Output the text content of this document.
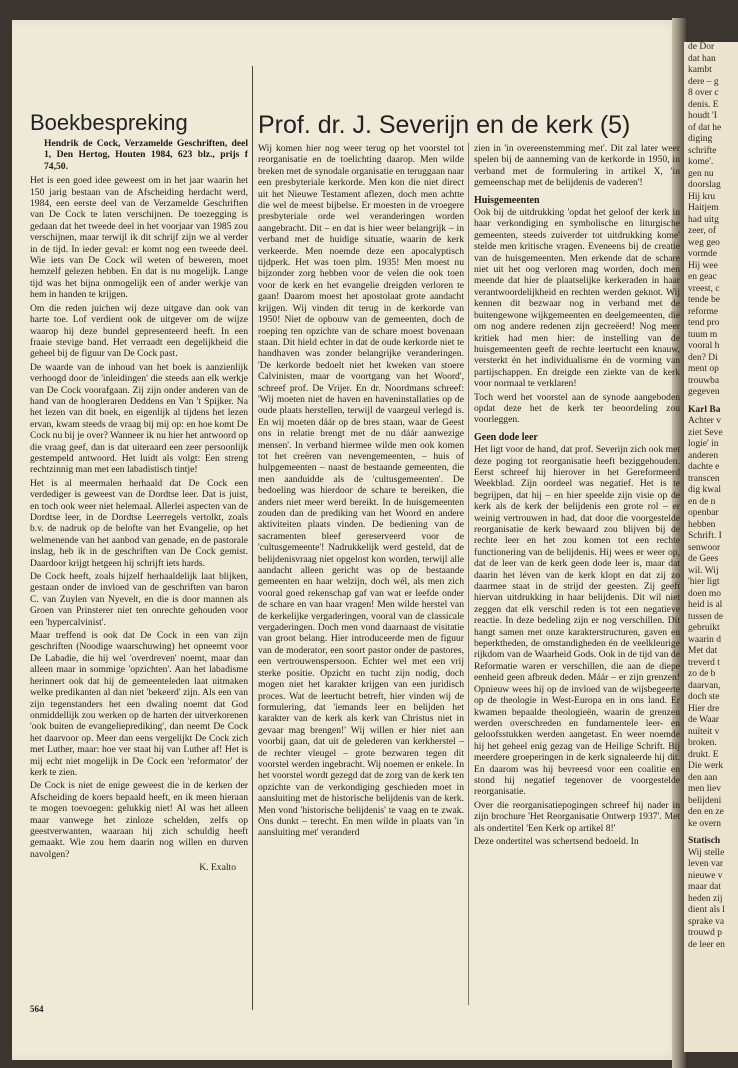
de Dor
dat han
kambt
dere – g
8 over c
denis. E
houdt 'I
of dat he
diging
schrifte
kome'.
gen nu
doorslag
Hij kru
Haitjem
had uitg
zeer, of
weg geo
vormde
Hij wee
en geac
vreest, c
tende be
reforme
tend pro
tuum m
vooral h
den? Di
ment op
trouwba
gegeven
Karl Ba
Achter v
ziet Seve
logie' in
anderen
dachte e
transcen
dig kwal
en de n
openbar
hebben
Schrift. I
senwoor
de Gees
wil. Wij
'hier ligt
doen mo
heid is al
tussen de
gebruikt
waarin d
Met dat
treverd t
zo de b
daarvan,
doch ste
Hier dre
de Waar
nuïteit v
broken.
drukt. E
Die werk
den aan
men liev
belijdeni
den en ze
ke overn
Statisch
Wij stelle
leven var
nieuwe v
maar dat
heden zij
dient als l
sprake va
trouwd p
de leer en
Boekbespreking
Hendrik de Cock, Verzamelde Geschriften, deel 1, Den Hertog, Houten 1984, 623 blz., prijs f 74,50.

Het is een goed idee geweest om in het jaar waarin het 150 jarig bestaan van de Afscheiding herdacht werd, 1984, een eerste deel van de Verzamelde Geschriften van De Cock te laten verschijnen. De toezegging is gedaan dat het tweede deel in het voorjaar van 1985 zou verschijnen, maar terwijl ik dit schrijf zijn we al verder in de tijd. In ieder geval: er komt nog een tweede deel. Wie iets van De Cock wil weten of beweren, moet hemzelf gelezen hebben. En dat is nu mogelijk. Lange tijd was het bijna onmogelijk een of ander werkje van hem in handen te krijgen.

Om die reden juichen wij deze uitgave dan ook van harte toe. Lof verdient ook de uitgever om de wijze waarop hij deze bundel gepresenteerd heeft. In een fraaie stevige band. Het verraadt een degelijkheid die geheel bij de figuur van De Cock past.

De waarde van de inhoud van het boek is aanzienlijk verhoogd door de 'inleidingen' die steeds aan elk werkje van De Cock voorafgaan. Zij zijn onder anderen van de hand van de hoogleraren Deddens en Van 't Spijker. Na het lezen van dit boek, en eigenlijk al tijdens het lezen ervan, kwam steeds de vraag bij mij op: en hoe komt De Cock nu bij je over? Wanneer ik nu hier het antwoord op die vraag geef, dan is dat uiteraard een zeer persoonlijk gestempeld antwoord. Het luidt als volgt: Een streng rechtzinnig man met een labadistisch tintje!

Het is al meermalen herhaald dat De Cock een verdediger is geweest van de Dordtse leer. Dat is juist, en toch ook weer niet helemaal. Allerlei aspecten van de Dordtse leer, in de Dordtse Leerregels vertolkt, zoals b.v. de nadruk op de belofte van het Evangelie, op het welmenende van het aanbod van genade, en de pastorale inslag, heb ik in de geschriften van De Cock gemist. Daardoor krijgt hetgeen hij schrijft iets hards.

De Cock heeft, zoals hijzelf herhaaldelijk laat blijken, gestaan onder de invloed van de geschriften van baron C. van Zuylen van Nyevelt, en die is door mannen als Groen van Prinsterer niet ten onrechte gehouden voor een 'hypercalvinist'.

Maar treffend is ook dat De Cock in een van zijn geschriften (Noodige waarschuwing) het opneemt voor De Labadie, die hij wel 'overdreven' noemt, maar dan alleen maar in sommige 'opzichten'. Aan het labadisme herinnert ook dat hij de gemeenteleden laat uitmaken welke predikanten al dan niet 'bekeerd' zijn. Als een van zijn tegenstanders het een dwaling noemt dat God onmiddellijk zou werken op de harten der uitverkorenen 'ook buiten de evangelieprediking', dan neemt De Cock het daarvoor op. Meer dan eens vergelijkt De Cock zich met Luther, maar: hoe ver staat hij van Luther af! Het is mij echt niet mogelijk in De Cock een 'reformator' der kerk te zien.

De Cock is niet de enige geweest die in de kerken der Afscheiding de koers bepaald heeft, en ik meen hieraan te mogen toevoegen: gelukkig niet! Al was het alleen maar vanwege het zinloze schelden, zelfs op geestverwanten, waaraan hij zich schuldig heeft gemaakt. Wie zou hem daarin nog willen en durven navolgen?

K. Exalto
Prof. dr. J. Severijn en de kerk (5)

Wij komen hier nog weer terug op het voorstel tot reorganisatie en de toelichting daarop. Men wilde breken met de synodale organisatie en teruggaan naar een presbyteriale kerkorde. Men kon die niet direct uit het Nieuwe Testament aflezen, doch men achtte die wel de meest bijbelse. Er moesten in de vroegere presbyteriale orde wel veranderingen worden aangebracht. Dit – en dat is hier weer belangrijk – in verband met de huidige situatie, waarin de kerk verkeerde. Men noemde deze een apocalyptisch tijdperk. Het was toen plm. 1935! Men moest nu bijzonder zorg hebben voor de velen die ook toen voor de kerk en het evangelie dreigden verloren te gaan! Daarom moest het apostolaat grote aandacht krijgen. Wij vinden dit terug in de kerkorde van 1950! Niet de opbouw van de gemeenten, doch de roeping ten opzichte van de schare moest bovenaan staan. Dit hield echter in dat de oude kerkorde niet te handhaven was zonder belangrijke veranderingen. 'De kerkorde bedoelt niet het kweken van stoere Calvinisten, maar de voortgang van het Woord', schreef prof. De Vrijer. En dr. Noordmans schreef: 'Wij moeten niet de haven en haveninstallaties op de oude plaats herstellen, terwijl de vaargeul verlegd is. En wij moeten dáár op de bres staan, waar de Geest ons in relatie brengt met de nu dáár aanwezige mensen'. In verband hiermee wilde men ook komen tot het creëren van nevengemeenten, – huis of hulpgemeenten – naast de bestaande gemeenten, die men aanduidde als de 'cultusgemeenten'. De bedoeling was hierdoor de schare te bereiken, die anders niet meer werd bereikt. In de huisgemeenten zouden dan de prediking van het Woord en andere aktiviteiten plaats vinden. De bediening van de sacramenten bleef gereserveerd voor de 'cultusgemeente'! Nadrukkelijk werd gesteld, dat de belijdenisvraag niet opgelost kon worden, terwijl alle aandacht alleen gericht was op de bestaande gemeenten en haar welzijn, doch wél, als men zich vooral goed rekenschap gaf van wat er leefde onder de schare en van haar vragen! Men wilde herstel van de kerkelijke vergaderingen, vooral van de classicale vergaderingen. Doch men vond daarnaast de visitatie van groot belang. Hier introduceerde men de figuur van de moderator, een soort pastor onder de pastores, een vertrouwenspersoon. Echter wel met een vrij sterke positie. Opzicht en tucht zijn nodig, doch mogen niet het karakter krijgen van een juridisch proces. Wat de leertucht betreft, hier vinden wij de formulering, dat 'iemands leer en belijden het karakter van de kerk als kerk van Christus niet in gevaar mag brengen!' Wij willen er hier niet aan voorbij gaan, dat uit de gelederen van kerkherstel – de rechter vleugel – grote bezwaren tegen dit voorstel werden ingebracht. Wij noemen er enkele. In het voorstel wordt gezegd dat de zorg van de kerk ten opzichte van de verkondiging geschieden moet in aansluiting met de historische belijdenis van de kerk. Men vond 'historische belijdenis' te vaag en te zwak. Ons dunkt – terecht. En men wilde in plaats van 'in aansluiting met' veranderd

zien in 'in overeenstemming met'. Dit zal later weer spelen bij de aanneming van de kerkorde in 1950, in verband met de formulering in artikel X, 'in gemeenschap met de belijdenis de vaderen'!

Huisgemeenten

Ook bij de uitdrukking 'opdat het geloof der kerk in haar verkondiging en symbolische en liturgische gemeenten, steeds zuiverder tot uitdrukking kome' stelde men kritische vragen. Eveneens bij de creatie van de huisgemeenten. Men erkende dat de schare niet uit het oog verloren mag worden, doch men meende dat hier de plaatselijke kerkeraden in haar verantwoordelijkheid en rechten werden geknot. Wij kennen dit bezwaar nog in verband met de buitengewone wijkgemeenten en deelgemeenten, die om nog andere redenen zijn gecreëerd! Nog meer kritiek had men hier: de instelling van de huisgemeenten geeft de rechte leertucht een knauw, versterkt én het individualisme én de vorming van partijschappen. En dreigde een ziekte van de kerk voor normaal te verklaren!

Toch werd het voorstel aan de synode aangeboden opdat deze het de kerk ter beoordeling zou voorleggen.

Geen dode leer

Het ligt voor de hand, dat prof. Severijn zich ook met deze poging tot reorganisatie heeft beziggehouden. Eerst schreef hij hierover in het Gereformeerd Weekblad. Zijn oordeel was negatief. Het is te begrijpen, dat hij – en hier speelde zijn visie op de kerk als de kerk der belijdenis een grote rol – er weinig vertrouwen in had, dat door die voorgestelde reorganisatie de kerk bewaard zou blijven bij de rechte leer en het zou komen tot een rechte functionering van de belijdenis. Hij wees er weer op, dat de leer van de kerk geen dode leer is, maar dat daarin het léven van de kerk klopt en dat zij zo daarmee staat in de strijd der geesten. Zij geeft hiervan uitdrukking in haar belijdenis. Dit wil niet zeggen dat elk verschil reden is tot een negatieve reactie. In deze bedeling zijn er nog verschillen. Dit hangt samen met onze karakterstructuren, gaven en beperktheden, de omstandigheden én de veelkleurige rijkdom van de Waarheid Gods. Ook in de tijd van de Reformatie waren er verschillen, die aan de diepe eenheid geen afbreuk deden. Máár – er zijn grenzen! Opnieuw wees hij op de invloed van de wijsbegeerte op de theologie in West-Europa en in ons land. Er kwamen bepaalde theologieën, waarin de grenzen werden overschreden en fundamentele leer- en geloofsstukken werden aangetast. En weer noemde hij het geheel enig gezag van de Heilige Schrift. Bij meerdere groeperingen in de kerk signaleerde hij dit. En daarom was hij bevreesd voor een coalitie en stond hij negatief tegenover de voorgestelde reorganisatie.

Over die reorganisatiepogingen schreef hij nader in zijn brochure 'Het Reorganisatie Ontwerp 1937'. Met als ondertitel 'Een Kerk op artikel 8!'

Deze ondertitel was schertsend bedoeld. In

564
